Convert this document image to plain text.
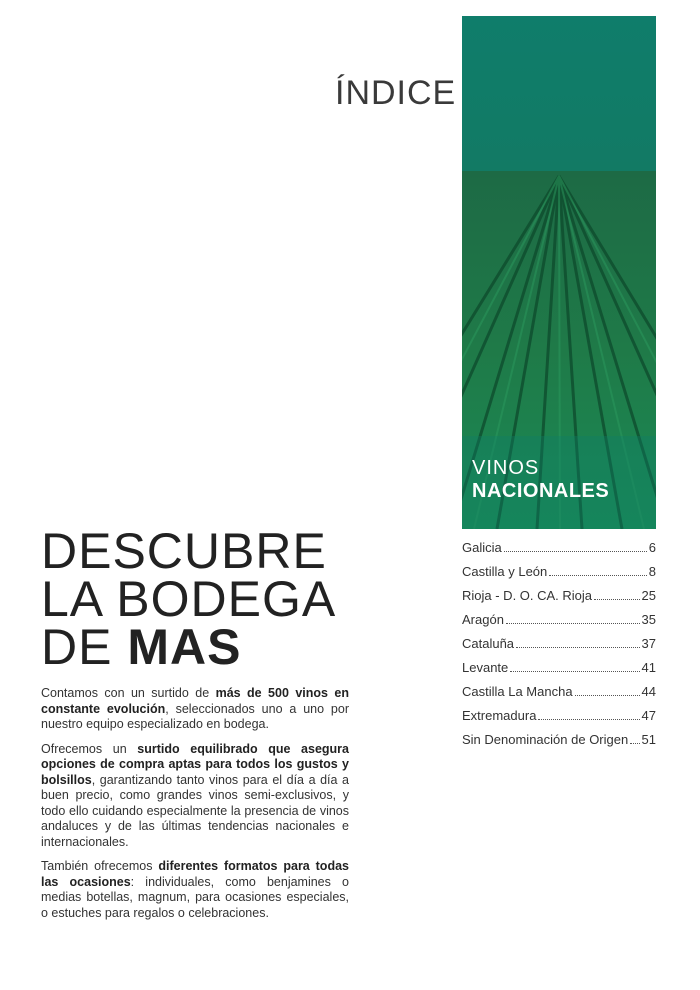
ÍNDICE
VINOS
NACIONALES
Galicia	6
Castilla y León	8
Rioja - D. O. CA. Rioja	25
Aragón	35
Cataluña	37
Levante	41
Castilla La Mancha	44
Extremadura	47
Sin Denominación de Origen 51
DESCUBRE
LA BODEGA
DE MAS

Contamos con un surtido de más de 500 vinos en constante evolución, seleccionados uno a uno por nuestro equipo especializado en bodega.

Ofrecemos un surtido equilibrado que asegura opciones de compra aptas para todos los gustos y bolsillos, garantizando tanto vinos para el día a día a buen precio, como grandes vinos semi-exclusivos, y todo ello cuidando especialmente la presencia de vinos andaluces y de las últimas tendencias nacionales e internacionales.

También ofrecemos diferentes formatos para todas las ocasiones: individuales, como benjamines o medias botellas, magnum, para ocasiones especiales, o estuches para regalos o celebraciones.
